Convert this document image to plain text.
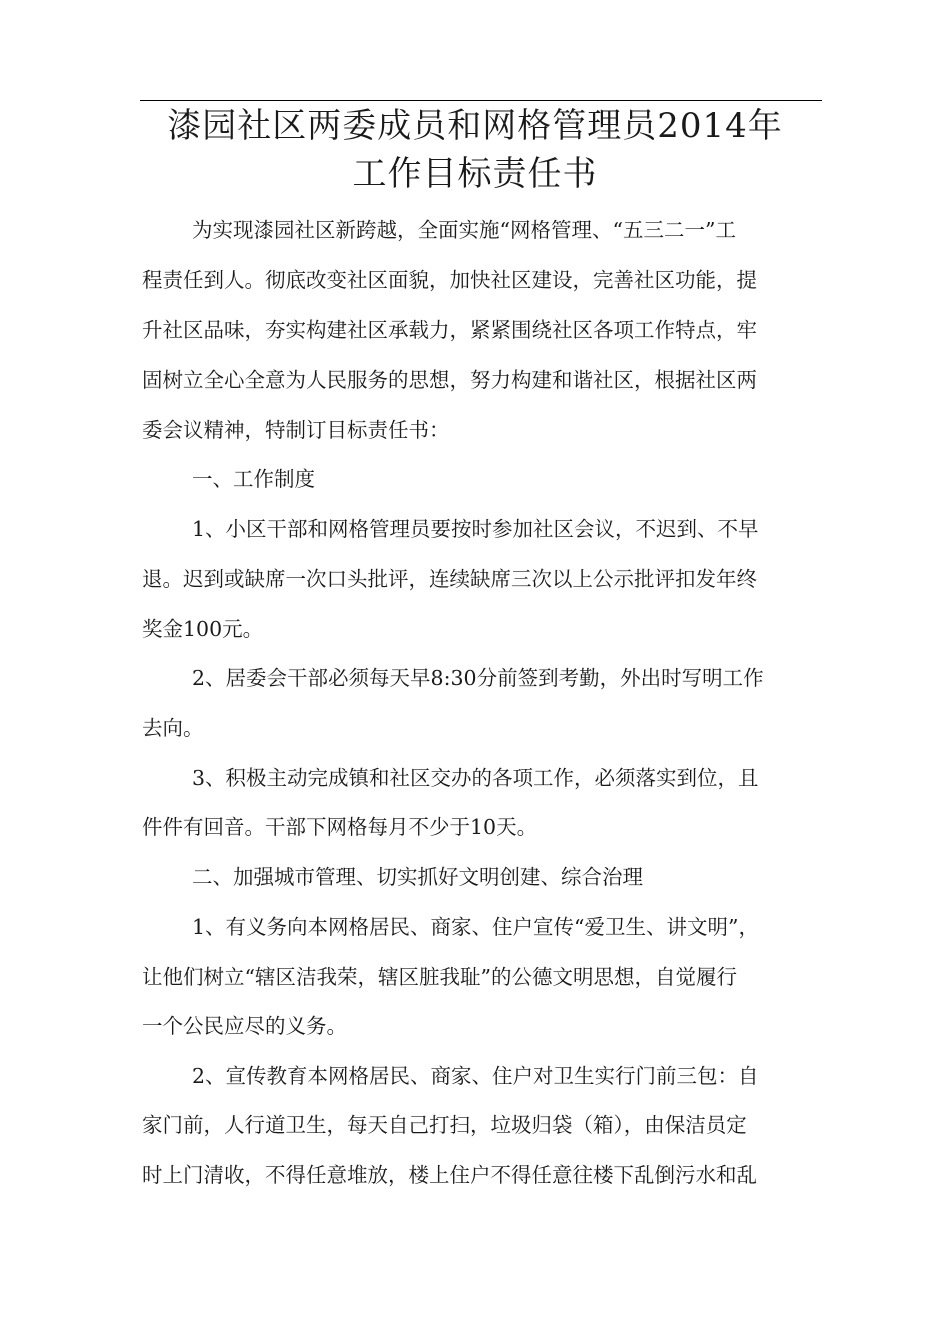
漆园社区两委成员和网格管理员2014年
工作目标责任书
为实现漆园社区新跨越，全面实施“网格管理、“五三二一”工
程责任到人。彻底改变社区面貌，加快社区建设，完善社区功能，提
升社区品味，夯实构建社区承载力，紧紧围绕社区各项工作特点，牢
固树立全心全意为人民服务的思想，努力构建和谐社区，根据社区两
委会议精神，特制订目标责任书：
一、工作制度
1、小区干部和网格管理员要按时参加社区会议，不迟到、不早
退。迟到或缺席一次口头批评，连续缺席三次以上公示批评扣发年终
奖金100元。
2、居委会干部必须每天早8:30分前签到考勤，外出时写明工作
去向。
3、积极主动完成镇和社区交办的各项工作，必须落实到位，且
件件有回音。干部下网格每月不少于10天。
二、加强城市管理、切实抓好文明创建、综合治理
1、有义务向本网格居民、商家、住户宣传“爱卫生、讲文明”，
让他们树立“辖区洁我荣，辖区脏我耻”的公德文明思想，自觉履行
一个公民应尽的义务。
2、宣传教育本网格居民、商家、住户对卫生实行门前三包：自
家门前，人行道卫生，每天自己打扫，垃圾归袋（箱），由保洁员定
时上门清收，不得任意堆放，楼上住户不得任意往楼下乱倒污水和乱
